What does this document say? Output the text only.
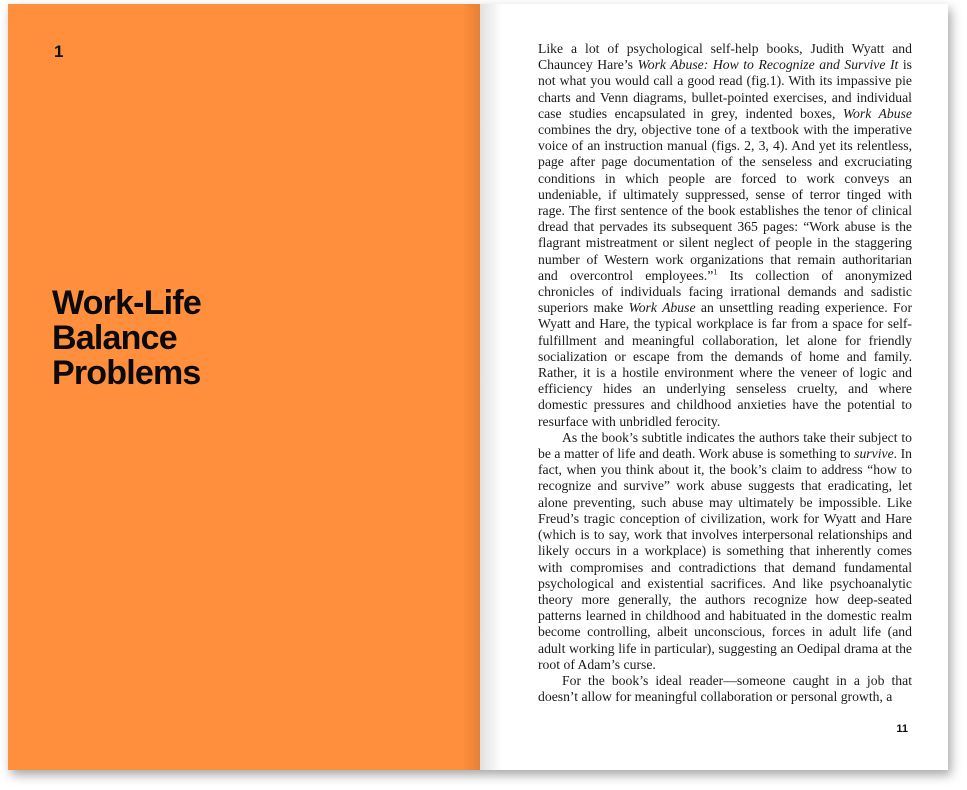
1
Work-Life
Balance
Problems

Like a lot of psychological self-help books, Judith Wyatt and Chauncey Hare’s Work Abuse: How to Recognize and Survive It is not what you would call a good read (fig.1). With its impassive pie charts and Venn diagrams, bullet-pointed exercises, and individual case studies encapsulated in grey, indented boxes, Work Abuse combines the dry, objective tone of a textbook with the imperative voice of an instruction manual (figs. 2, 3, 4). And yet its relentless, page after page documentation of the senseless and excruciating conditions in which people are forced to work conveys an undeniable, if ultimately suppressed, sense of terror tinged with rage. The first sentence of the book establishes the tenor of clinical dread that pervades its subsequent 365 pages: “Work abuse is the flagrant mistreatment or silent neglect of people in the staggering number of Western work organizations that remain authoritarian and overcontrol employees.”$^1$ Its collection of anonymized chronicles of individuals facing irrational demands and sadistic superiors make Work Abuse an unsettling reading experience. For Wyatt and Hare, the typical workplace is far from a space for self-fulfillment and meaningful collaboration, let alone for friendly socialization or escape from the demands of home and family. Rather, it is a hostile environment where the veneer of logic and efficiency hides an underlying senseless cruelty, and where domestic pressures and childhood anxieties have the potential to resurface with unbridled ferocity.

As the book’s subtitle indicates the authors take their subject to be a matter of life and death. Work abuse is something to survive. In fact, when you think about it, the book’s claim to address “how to recognize and survive” work abuse suggests that eradicating, let alone preventing, such abuse may ultimately be impossible. Like Freud’s tragic conception of civilization, work for Wyatt and Hare (which is to say, work that involves interpersonal relationships and likely occurs in a workplace) is something that inherently comes with compromises and contradictions that demand fundamental psychological and existential sacrifices. And like psychoanalytic theory more generally, the authors recognize how deep-seated patterns learned in childhood and habituated in the domestic realm become controlling, albeit unconscious, forces in adult life (and adult working life in particular), suggesting an Oedipal drama at the root of Adam’s curse.

For the book’s ideal reader—someone caught in a job that doesn’t allow for meaningful collaboration or personal growth, a

11
